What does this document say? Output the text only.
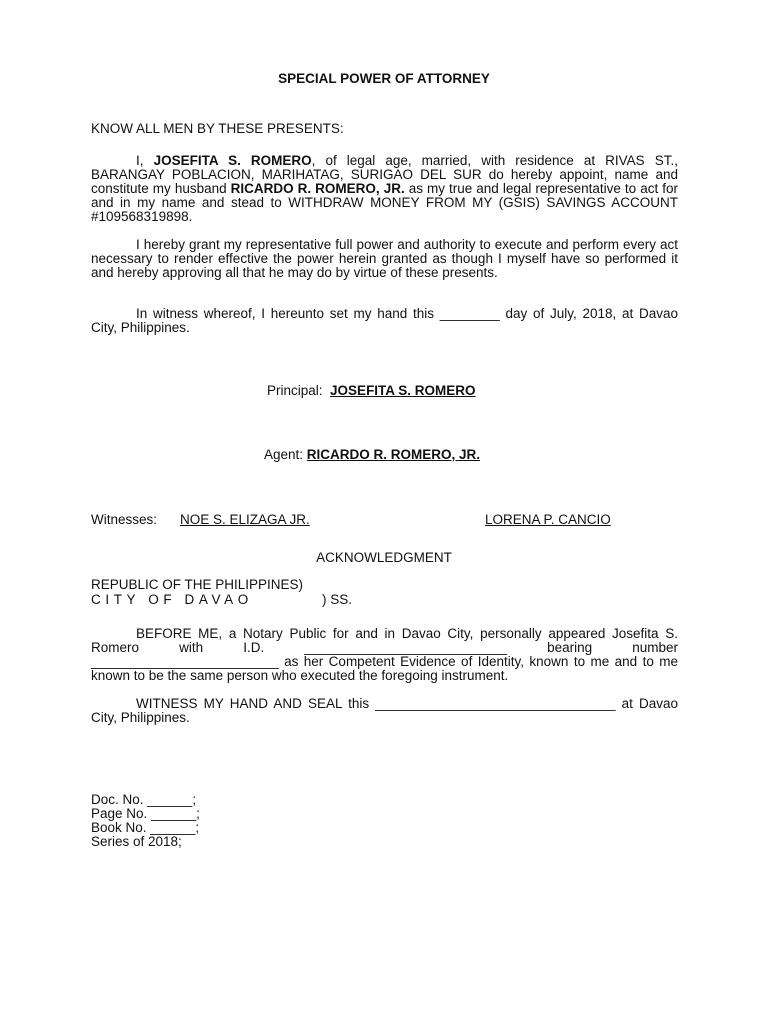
SPECIAL POWER OF ATTORNEY
KNOW ALL MEN BY THESE PRESENTS:
I, JOSEFITA S. ROMERO, of legal age, married, with residence at RIVAS ST., BARANGAY POBLACION, MARIHATAG, SURIGAO DEL SUR do hereby appoint, name and constitute my husband RICARDO R. ROMERO, JR. as my true and legal representative to act for and in my name and stead to WITHDRAW MONEY FROM MY (GSIS) SAVINGS ACCOUNT #109568319898.
I hereby grant my representative full power and authority to execute and perform every act necessary to render effective the power herein granted as though I myself have so performed it and hereby approving all that he may do by virtue of these presents.
In witness whereof, I hereunto set my hand this ________ day of July, 2018, at Davao City, Philippines.
Principal: JOSEFITA S. ROMERO
Agent: RICARDO R. ROMERO, JR.
Witnesses: NOE S. ELIZAGA JR.	LORENA P. CANCIO
ACKNOWLEDGMENT
REPUBLIC OF THE PHILIPPINES)
CITY OF DAVAO	) SS.
BEFORE ME, a Notary Public for and in Davao City, personally appeared Josefita S. Romero with I.D. ___________________________ bearing number _________________________ as her Competent Evidence of Identity, known to me and to me known to be the same person who executed the foregoing instrument.
WITNESS MY HAND AND SEAL this ________________________________ at Davao City, Philippines.
Doc. No. ______;
Page No. ______;
Book No. ______;
Series of 2018;
